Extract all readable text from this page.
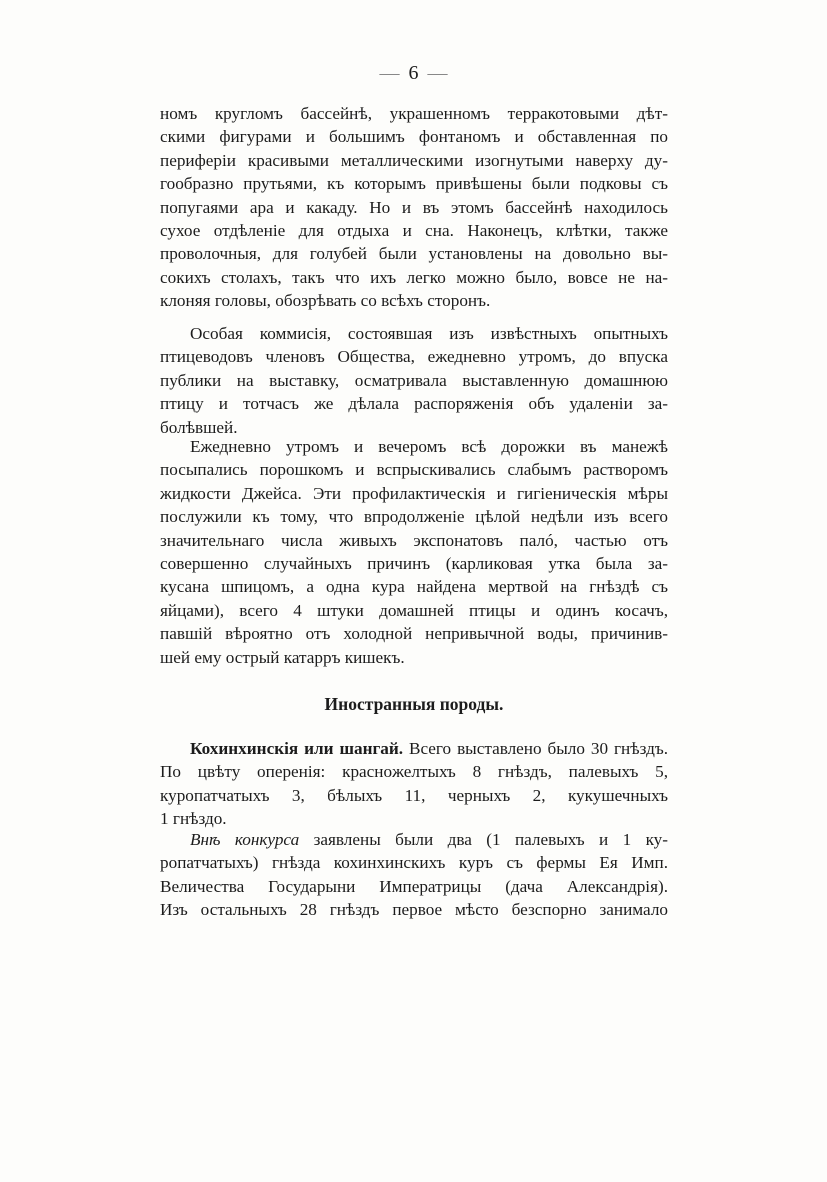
— 6 —
номъ кругломъ бассейнѣ, украшенномъ терракотовыми дѣт-
скими фигурами и большимъ фонтаномъ и обставленная по
периферіи красивыми металлическими изогнутыми наверху ду-
гообразно прутьями, къ которымъ привѣшены были подковы съ
попугаями ара и какаду. Но и въ этомъ бассейнѣ находилось
сухое отдѣленіе для отдыха и сна. Наконецъ, клѣтки, также
проволочныя, для голубей были установлены на довольно вы-
сокихъ столахъ, такъ что ихъ легко можно было, вовсе не на-
клоняя головы, обозрѣвать со всѣхъ сторонъ.
Особая коммисія, состоявшая изъ извѣстныхъ опытныхъ
птицеводовъ членовъ Общества, ежедневно утромъ, до впуска
публики на выставку, осматривала выставленную домашнюю
птицу и тотчасъ же дѣлала распоряженія объ удаленіи за-
болѣвшей.
Ежедневно утромъ и вечеромъ всѣ дорожки въ манежѣ
посыпались порошкомъ и вспрыскивались слабымъ растворомъ
жидкости Джейса. Эти профилактическія и гигіеническія мѣры
послужили къ тому, что впродолженіе цѣлой недѣли изъ всего
значительнаго числа живыхъ экспонатовъ палó, частью отъ
совершенно случайныхъ причинъ (карликовая утка была за-
кусана шпицомъ, а одна кура найдена мертвой на гнѣздѣ съ
яйцами), всего 4 штуки домашней птицы и одинъ косачъ,
павшій вѣроятно отъ холодной непривычной воды, причинив-
шей ему острый катарръ кишекъ.
Иностранныя породы.
Кохинхинскія или шангай. Всего выставлено было 30 гнѣздъ.
По цвѣту оперенія: краснoжелтыхъ 8 гнѣздъ, палевыхъ 5,
куропатчатыхъ 3, бѣлыхъ 11, черныхъ 2, кукушечныхъ
1 гнѣздо.
Внѣ конкурса заявлены были два (1 палевыхъ и 1 ку-
ропатчатыхъ) гнѣзда кохинхинскихъ куръ съ фермы Ея Имп.
Величества Государыни Императрицы (дача Александрія).
Изъ остальныхъ 28 гнѣздъ первое мѣсто безспорно занимало
